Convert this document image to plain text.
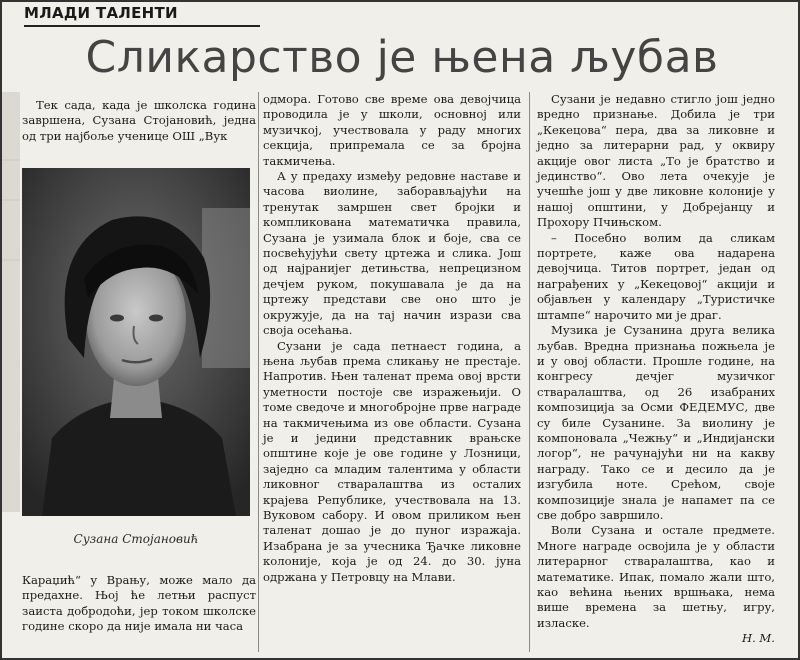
МЛАДИ ТАЛЕНТИ
Сликарство је њена љубав

Тек сада, када је школска година завршена, Сузана Стојановић, једна од три најбоље ученице ОШ „Вук

Сузана Стојановић

Караџић“ у Врању, може мало да предахне. Њој ће летњи распуст заиста добродоћи, јер током школске године скоро да није имала ни часа

одмора. Готово све време ова девојчица проводила је у школи, основној или музичкој, учествовала у раду многих секција, припремала се за бројна такмичења.

А у предаху између редовне наставе и часова виолине, заборављајући на тренутак замршен свет бројки и компликована математичка правила, Сузана је узимала блок и боје, сва се посвећујући свету цртежа и слика. Још од најранијег детињства, непрецизном дечјем руком, покушавала је да на цртежу представи све оно што је окружује, да на тај начин изрази сва своја осећања.

Сузани је сада петнаест година, а њена љубав према сликању не престаје. Напротив. Њен таленат према овој врсти уметности постоје све изражењији. О томе сведоче и многобројне прве награде на такмичењима из ове области. Сузана је и једини представник врањске општине које је ове године у Лозници, заједно са младим талентима у области ликовног стваралаштва из осталих крајева Републике, учествовала на 13. Вуковом сабору. И овом приликом њен таленат дошао је до пуног изражаја. Изабрана је за учесника Ђачке ликовне колоније, која је од 24. до 30. јуна одржана у Петровцу на Млави.

Сузани је недавно стигло још једно вредно признање. Добила је три „Кекецова“ пера, два за ликовне и једно за литерарни рад, у оквиру акције овог листа „То је братство и јединство“. Ово лета очекује је учешће још у две ликовне колоније у нашој општини, у Добрејанцу и Прохору Пчињском.

– Посебно волим да сликам портрете, каже ова надарена девојчица. Титов портрет, један од награђених у „Кекецовој“ акцији и објављен у календару „Туристичке штампе“ нарочито ми је драг.

Музика је Сузанина друга велика љубав. Вредна признања пожњела је и у овој области. Прошле године, на конгресу дечјег музичког стваралаштва, од 26 изабраних композиција за Осми ФЕДЕМУС, две су биле Сузанине. За виолину је компоновала „Чежњу“ и „Индијански логор“, не рачунајући ни на какву награду. Тако се и десило да је изгубила ноте. Срећом, своје композиције знала је напамет па се све добро завршило.

Воли Сузана и остале предмете. Многе награде освојила је у области литерарног стваралаштва, као и математике. Ипак, помало жали што, као већина њених вршњака, нема више времена за шетњу, игру, изласке.

Н. М.
